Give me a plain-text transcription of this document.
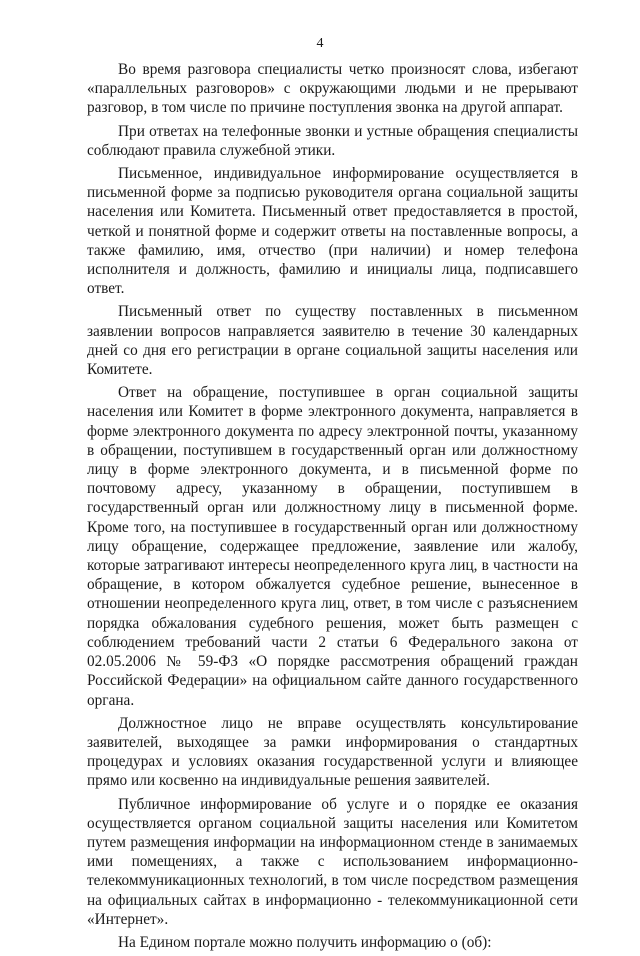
4

Во время разговора специалисты четко произносят слова, избегают «параллельных разговоров» с окружающими людьми и не прерывают разговор, в том числе по причине поступления звонка на другой аппарат.

При ответах на телефонные звонки и устные обращения специалисты соблюдают правила служебной этики.

Письменное, индивидуальное информирование осуществляется в письменной форме за подписью руководителя органа социальной защиты населения или Комитета. Письменный ответ предоставляется в простой, четкой и понятной форме и содержит ответы на поставленные вопросы, а также фамилию, имя, отчество (при наличии) и номер телефона исполнителя и должность, фамилию и инициалы лица, подписавшего ответ.

Письменный ответ по существу поставленных в письменном заявлении вопросов направляется заявителю в течение 30 календарных дней со дня его регистрации в органе социальной защиты населения или Комитете.

Ответ на обращение, поступившее в орган социальной защиты населения или Комитет в форме электронного документа, направляется в форме электронного документа по адресу электронной почты, указанному в обращении, поступившем в государственный орган или должностному лицу в форме электронного документа, и в письменной форме по почтовому адресу, указанному в обращении, поступившем в государственный орган или должностному лицу в письменной форме. Кроме того, на поступившее в государственный орган или должностному лицу обращение, содержащее предложение, заявление или жалобу, которые затрагивают интересы неопределенного круга лиц, в частности на обращение, в котором обжалуется судебное решение, вынесенное в отношении неопределенного круга лиц, ответ, в том числе с разъяснением порядка обжалования судебного решения, может быть размещен с соблюдением требований части 2 статьи 6 Федерального закона от 02.05.2006 № 59-ФЗ «О порядке рассмотрения обращений граждан Российской Федерации» на официальном сайте данного государственного органа.

Должностное лицо не вправе осуществлять консультирование заявителей, выходящее за рамки информирования о стандартных процедурах и условиях оказания государственной услуги и влияющее прямо или косвенно на индивидуальные решения заявителей.

Публичное информирование об услуге и о порядке ее оказания осуществляется органом социальной защиты населения или Комитетом путем размещения информации на информационном стенде в занимаемых ими помещениях, а также с использованием информационно-телекоммуникационных технологий, в том числе посредством размещения на официальных сайтах в информационно - телекоммуникационной сети «Интернет».

На Едином портале можно получить информацию о (об):
